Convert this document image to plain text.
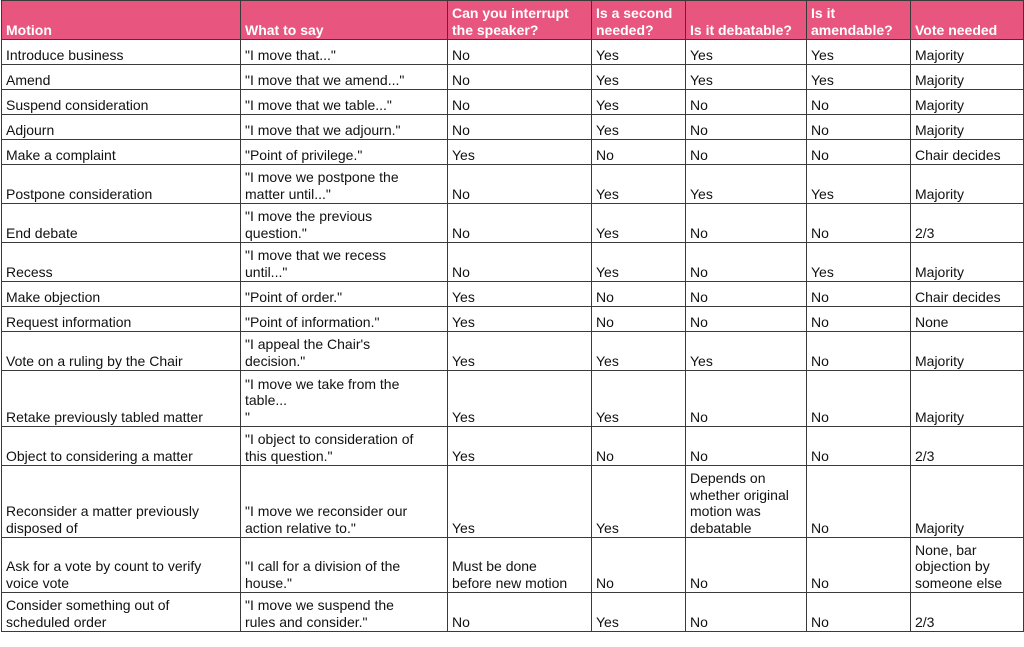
Motion	What to say	Can you interrupt
the speaker?	Is a second
needed?	Is it debatable?	Is it
amendable?	Vote needed
Introduce business	"I move that..."	No	Yes	Yes	Yes	Majority
Amend	"I move that we amend..."	No	Yes	Yes	Yes	Majority
Suspend consideration	"I move that we table..."	No	Yes	No	No	Majority
Adjourn	"I move that we adjourn."	No	Yes	No	No	Majority
Make a complaint	"Point of privilege."	Yes	No	No	No	Chair decides
Postpone consideration	"I move we postpone the
matter until..."	No	Yes	Yes	Yes	Majority
End debate	"I move the previous
question."	No	Yes	No	No	2/3
Recess	"I move that we recess
until..."	No	Yes	No	Yes	Majority
Make objection	"Point of order."	Yes	No	No	No	Chair decides
Request information	"Point of information."	Yes	No	No	No	None
Vote on a ruling by the Chair	"I appeal the Chair's
decision."	Yes	Yes	Yes	No	Majority
Retake previously tabled matter	"I move we take from the
table...
"	Yes	Yes	No	No	Majority
Object to considering a matter	"I object to consideration of
this question."	Yes	No	No	No	2/3
Reconsider a matter previously
disposed of	"I move we reconsider our
action relative to."	Yes	Yes	Depends on
whether original
motion was
debatable	No	Majority
Ask for a vote by count to verify
voice vote	"I call for a division of the
house."	Must be done
before new motion	No	No	No	None, bar
objection by
someone else
Consider something out of
scheduled order	"I move we suspend the
rules and consider."	No	Yes	No	No	2/3
